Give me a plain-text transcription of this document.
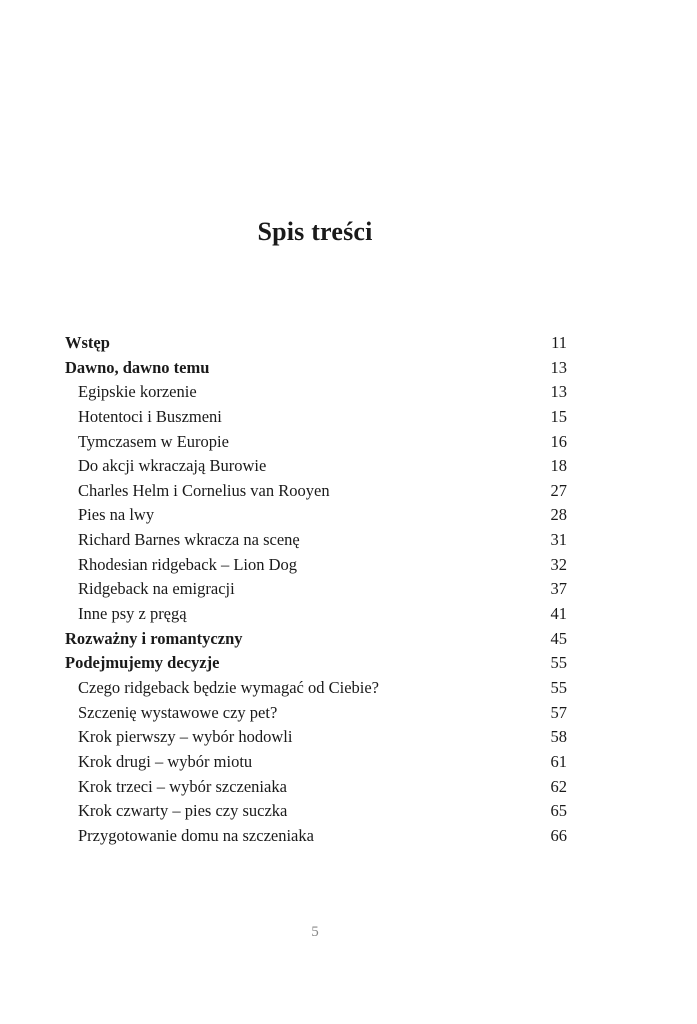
Spis treści
Wstęp	11
Dawno, dawno temu	13
Egipskie korzenie	13
Hotentoci i Buszmeni	15
Tymczasem w Europie	16
Do akcji wkraczają Burowie	18
Charles Helm i Cornelius van Rooyen	27
Pies na lwy	28
Richard Barnes wkracza na scenę	31
Rhodesian ridgeback – Lion Dog	32
Ridgeback na emigracji	37
Inne psy z pręgą	41
Rozważny i romantyczny	45
Podejmujemy decyzje	55
Czego ridgeback będzie wymagać od Ciebie?	55
Szczenię wystawowe czy pet?	57
Krok pierwszy – wybór hodowli	58
Krok drugi – wybór miotu	61
Krok trzeci – wybór szczeniaka	62
Krok czwarty – pies czy suczka	65
Przygotowanie domu na szczeniaka	66
5
